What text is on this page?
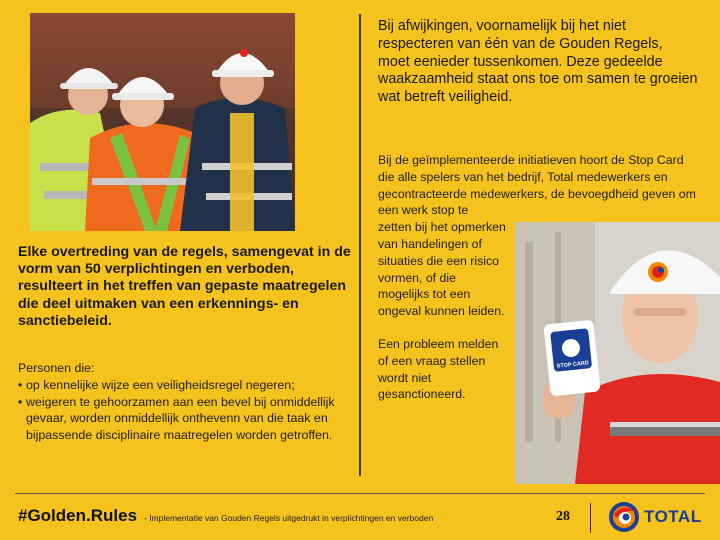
STOP CARD
Elke overtreding van de regels, samengevat in de vorm van 50 verplichtingen en verboden, resulteert in het treffen van gepaste maatregelen die deel uitmaken van een erkennings- en sanctiebeleid.
Personen die:
• op kennelijke wijze een veiligheidsregel negeren;
• weigeren te gehoorzamen aan een bevel bij onmiddellijk gevaar, worden onmiddellijk onthevenn van die taak en bijpassende disciplinaire maatregelen worden getroffen.
Bij afwijkingen, voornamelijk bij het niet respecteren van één van de Gouden Regels, moet eenieder tussenkomen. Deze gedeelde waakzaamheid staat ons toe om samen te groeien wat betreft veiligheid.
Bij de geïmplementeerde initiatieven hoort de Stop Card die alle spelers van het bedrijf, Total medewerkers en gecontracteerde medewerkers, de bevoegdheid geven om een werk stop te
zetten bij het opmerken van handelingen of situaties die een risico vormen, of die mogelijks tot een ongeval kunnen leiden.
Een probleem melden of een vraag stellen wordt niet gesanctioneerd.
#Golden.Rules - Implementatie van Gouden Regels uitgedrukt in verplichtingen en verboden	28	TOTAL
